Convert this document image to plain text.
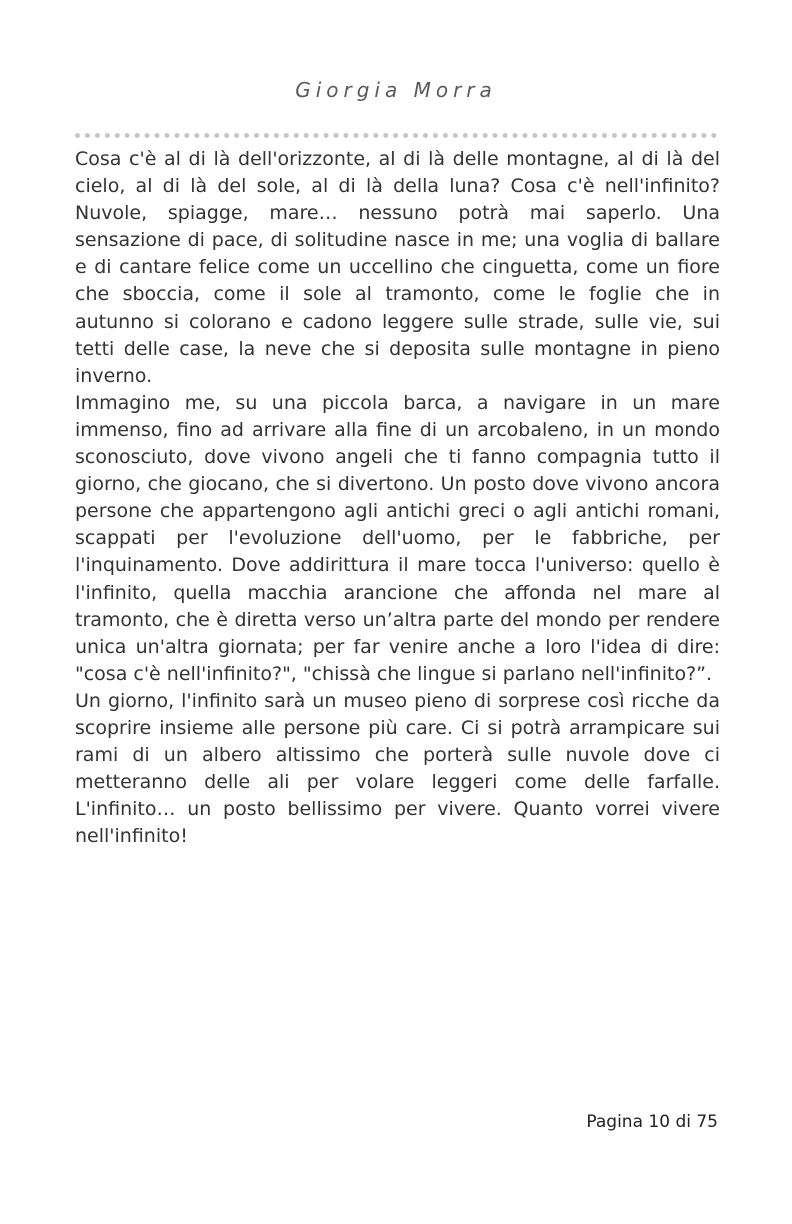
Giorgia Morra

Cosa c'è al di là dell'orizzonte, al di là delle montagne, al di là del cielo, al di là del sole, al di là della luna? Cosa c'è nell'infinito? Nuvole, spiagge, mare… nessuno potrà mai saperlo. Una sensazione di pace, di solitudine nasce in me; una voglia di ballare e di cantare felice come un uccellino che cinguetta, come un fiore che sboccia, come il sole al tramonto, come le foglie che in autunno si colorano e cadono leggere sulle strade, sulle vie, sui tetti delle case, la neve che si deposita sulle montagne in pieno inverno.

Immagino me, su una piccola barca, a navigare in un mare immenso, fino ad arrivare alla fine di un arcobaleno, in un mondo sconosciuto, dove vivono angeli che ti fanno compagnia tutto il giorno, che giocano, che si divertono. Un posto dove vivono ancora persone che appartengono agli antichi greci o agli antichi romani, scappati per l'evoluzione dell'uomo, per le fabbriche, per l'inquinamento. Dove addirittura il mare tocca l'universo: quello è l'infinito, quella macchia arancione che affonda nel mare al tramonto, che è diretta verso un’altra parte del mondo per rendere unica un'altra giornata; per far venire anche a loro l'idea di dire: "cosa c'è nell'infinito?", "chissà che lingue si parlano nell'infinito?”.

Un giorno, l'infinito sarà un museo pieno di sorprese così ricche da scoprire insieme alle persone più care. Ci si potrà arrampicare sui rami di un albero altissimo che porterà sulle nuvole dove ci metteranno delle ali per volare leggeri come delle farfalle. L'infinito… un posto bellissimo per vivere. Quanto vorrei vivere nell'infinito!

Pagina 10 di 75
